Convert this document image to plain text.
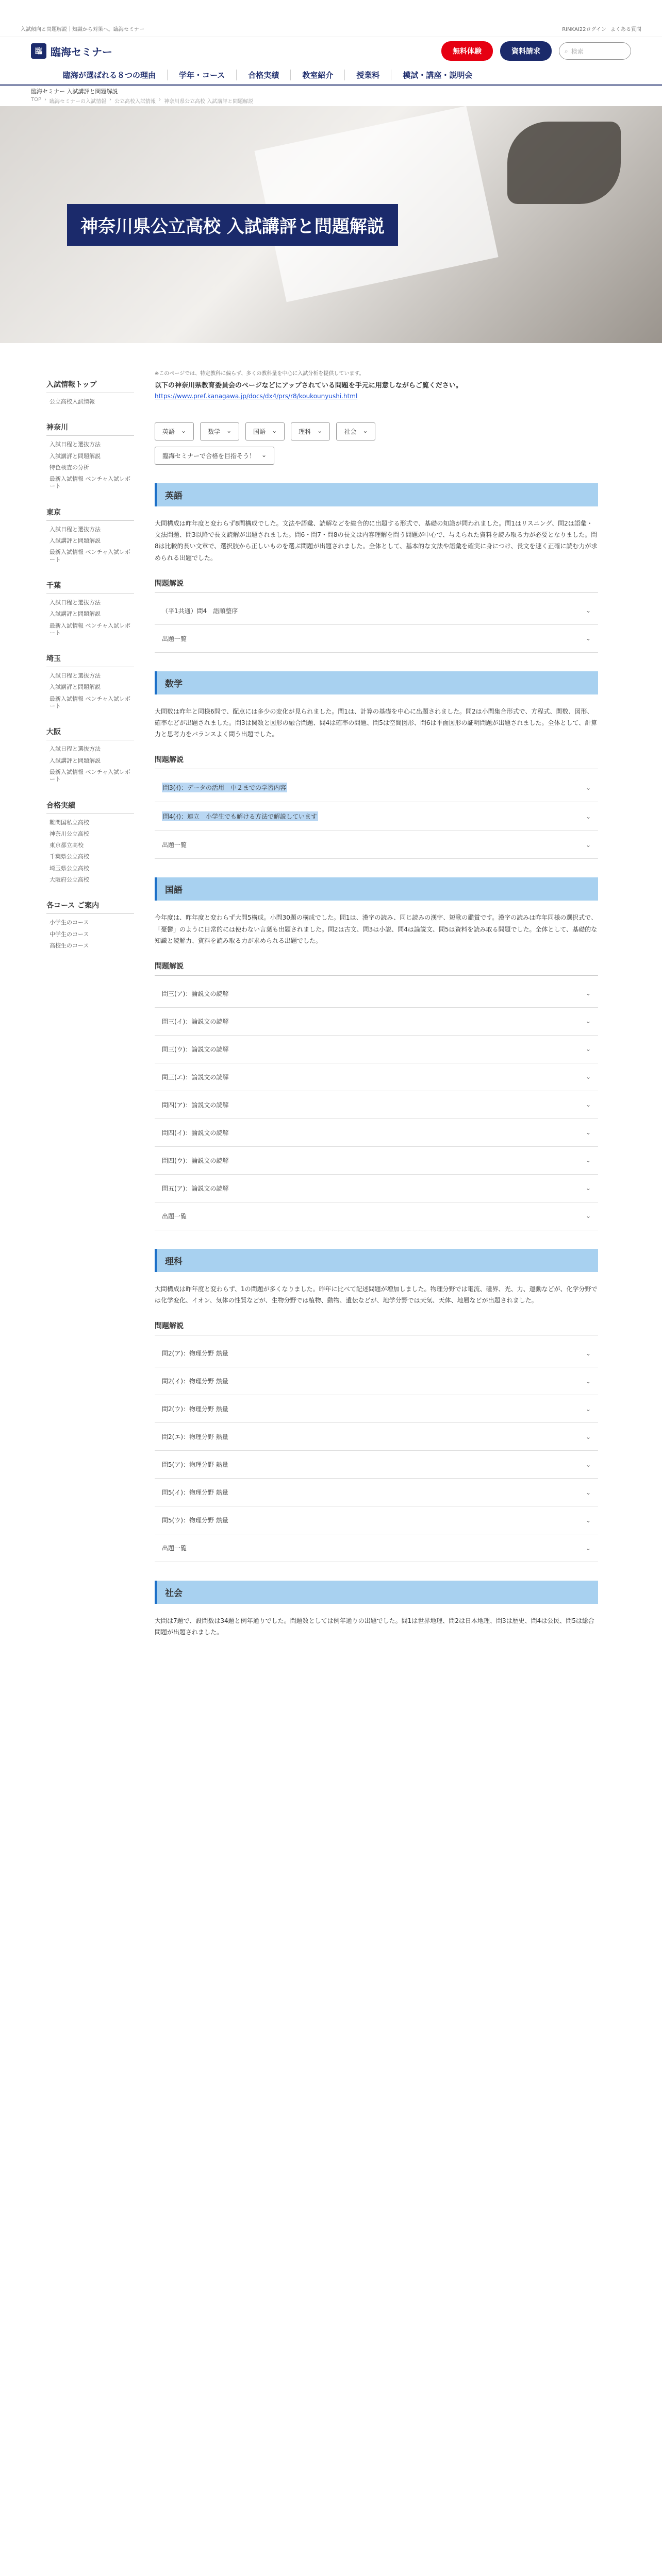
入試傾向と問題解説｜知識から対策へ。臨海セミナー	RINKAI22ログイン よくある質問
臨 臨海セミナー	無料体験	資料請求	⌕ 検索
臨海が選ばれる８つの理由	学年・コース	合格実績	教室紹介	授業料	模試・講座・説明会
臨海セミナー 入試講評と問題解説
TOP › 臨海セミナーの入試情報 › 公立高校入試情報 › 神奈川県公立高校 入試講評と問題解説
神奈川県公立高校 入試講評と問題解説
入試情報トップ
公立高校入試情報
神奈川
入試日程と選抜方法
入試講評と問題解説
特色検査の分析
最新入試情報 ベンチャ入試レポート
東京
入試日程と選抜方法
入試講評と問題解説
最新入試情報 ベンチャ入試レポート
千葉
入試日程と選抜方法
入試講評と問題解説
最新入試情報 ベンチャ入試レポート
埼玉
入試日程と選抜方法
入試講評と問題解説
最新入試情報 ベンチャ入試レポート
大阪
入試日程と選抜方法
入試講評と問題解説
最新入試情報 ベンチャ入試レポート
合格実績
難関国私立高校
神奈川公立高校
東京都立高校
千葉県公立高校
埼玉県公立高校
大阪府公立高校
各コース ご案内
小学生のコース
中学生のコース
高校生のコース

※このページでは、特定教科に偏らず、多くの教科量を中心に入試分析を提供しています。

以下の神奈川県教育委員会のページなどにアップされている問題を手元に用意しながらご覧ください。

https://www.pref.kanagawa.jp/docs/dx4/prs/r8/koukounyushi.html
英語 ⌄	数学 ⌄	国語 ⌄	理科 ⌄	社会 ⌄
臨海セミナーで合格を目指そう！ ⌄
英語

大問構成は昨年度と変わらず8問構成でした。文法や語彙、読解などを総合的に出題する形式で、基礎の知識が問われました。問1はリスニング、問2は語彙・文法問題、問3以降で長文読解が出題されました。問6・問7・問8の長文は内容理解を問う問題が中心で、与えられた資料を読み取る力が必要となりました。問8は比較的長い文章で、選択肢から正しいものを選ぶ問題が出題されました。全体として、基本的な文法や語彙を確実に身につけ、長文を速く正確に読む力が求められる出題でした。

問題解説
（平1共通）問4　語順整序	⌄
出題一覧	⌄
数学

大問数は昨年と同様6問で、配点には多少の変化が見られました。問1は、計算の基礎を中心に出題されました。問2は小問集合形式で、方程式、関数、図形、確率などが出題されました。問3は関数と図形の融合問題、問4は確率の問題、問5は空間図形、問6は平面図形の証明問題が出題されました。全体として、計算力と思考力をバランスよく問う出題でした。

問題解説
問3(ｲ)：データの活用　中２までの学習内容	⌄
問4(ｲ)：連立　小学生でも解ける方法で解説しています	⌄
出題一覧	⌄
国語

今年度は、昨年度と変わらず大問5構成。小問30題の構成でした。問1は、漢字の読み、同じ読みの漢字、短歌の鑑賞です。漢字の読みは昨年同様の選択式で、「憂鬱」のように日常的には使わない言葉も出題されました。問2は古文、問3は小説、問4は論説文、問5は資料を読み取る問題でした。全体として、基礎的な知識と読解力、資料を読み取る力が求められる出題でした。

問題解説
問三(ア)：論説文の読解	⌄
問三(イ)：論説文の読解	⌄
問三(ウ)：論説文の読解	⌄
問三(エ)：論説文の読解	⌄
問四(ア)：論説文の読解	⌄
問四(イ)：論説文の読解	⌄
問四(ウ)：論説文の読解	⌄
問五(ア)：論説文の読解	⌄
出題一覧	⌄
理科

大問構成は昨年度と変わらず、1の問題が多くなりました。昨年に比べて記述問題が増加しました。物理分野では電流、磁界、光、力、運動などが、化学分野では化学変化、イオン、気体の性質などが、生物分野では植物、動物、遺伝などが、地学分野では天気、天体、地層などが出題されました。

問題解説
問2(ア)：物理分野 熱量	⌄
問2(イ)：物理分野 熱量	⌄
問2(ウ)：物理分野 熱量	⌄
問2(エ)：物理分野 熱量	⌄
問5(ア)：物理分野 熱量	⌄
問5(イ)：物理分野 熱量	⌄
問5(ウ)：物理分野 熱量	⌄
出題一覧	⌄
社会

大問は7題で、設問数は34題と例年通りでした。問題数としては例年通りの出題でした。問1は世界地理、問2は日本地理、問3は歴史、問4は公民、問5は総合問題が出題されました。
